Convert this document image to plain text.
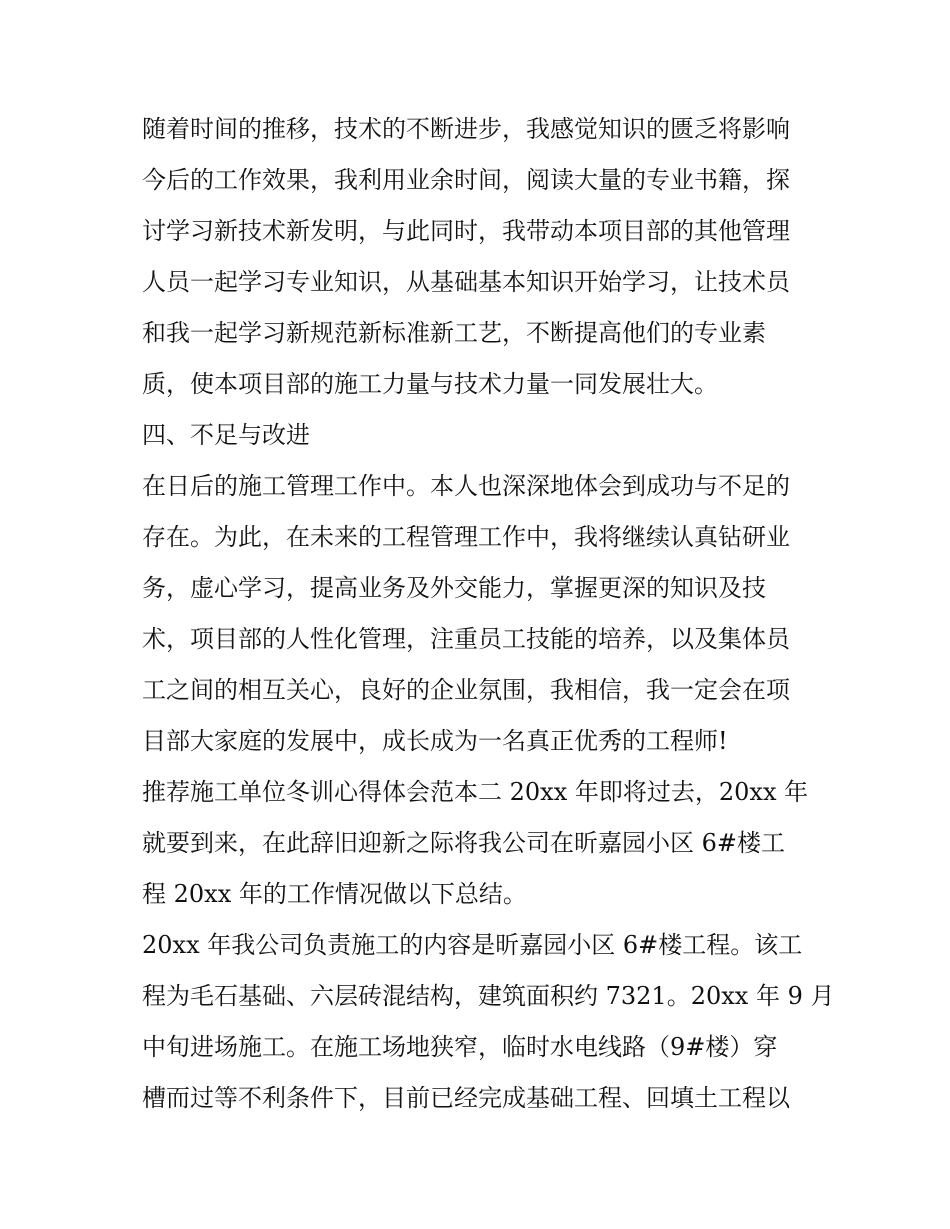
随着时间的推移，技术的不断进步，我感觉知识的匮乏将影响
今后的工作效果，我利用业余时间，阅读大量的专业书籍，探
讨学习新技术新发明，与此同时，我带动本项目部的其他管理
人员一起学习专业知识，从基础基本知识开始学习，让技术员
和我一起学习新规范新标准新工艺，不断提高他们的专业素
质，使本项目部的施工力量与技术力量一同发展壮大。
四、不足与改进
在日后的施工管理工作中。本人也深深地体会到成功与不足的
存在。为此，在未来的工程管理工作中，我将继续认真钻研业
务，虚心学习，提高业务及外交能力，掌握更深的知识及技
术，项目部的人性化管理，注重员工技能的培养，以及集体员
工之间的相互关心，良好的企业氛围，我相信，我一定会在项
目部大家庭的发展中，成长成为一名真正优秀的工程师!
推荐施工单位冬训心得体会范本二 20xx 年即将过去，20xx 年
就要到来，在此辞旧迎新之际将我公司在昕嘉园小区 6#楼工
程 20xx 年的工作情况做以下总结。
20xx 年我公司负责施工的内容是昕嘉园小区 6#楼工程。该工
程为毛石基础、六层砖混结构，建筑面积约 7321。20xx 年 9 月
中旬进场施工。在施工场地狭窄，临时水电线路（9#楼）穿
槽而过等不利条件下，目前已经完成基础工程、回填土工程以
